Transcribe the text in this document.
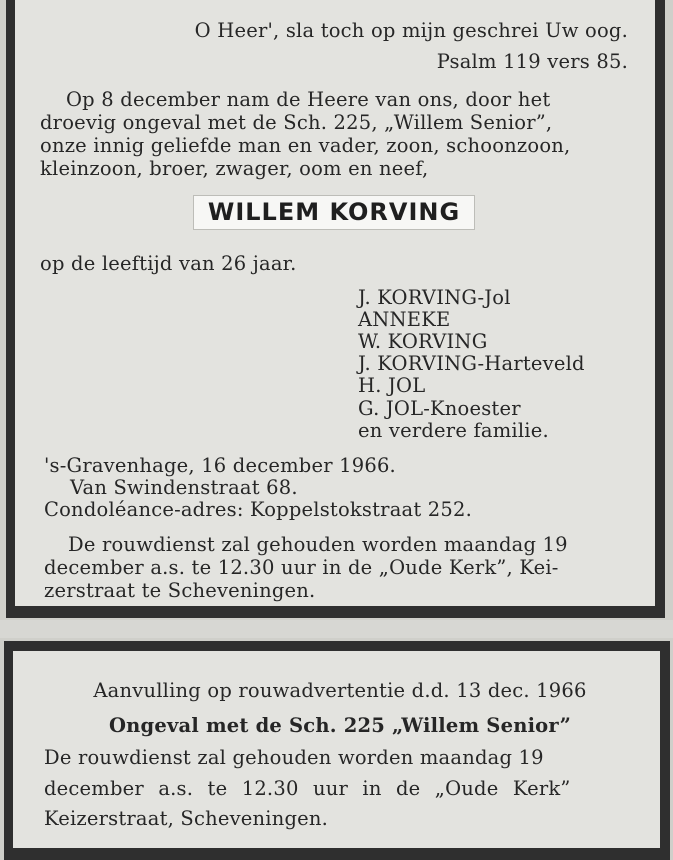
O Heer', sla toch op mijn geschrei Uw oog.
Psalm 119 vers 85.
Op 8 december nam de Heere van ons, door het
droevig ongeval met de Sch. 225, „Willem Senior”,
onze innig geliefde man en vader, zoon, schoonzoon,
kleinzoon, broer, zwager, oom en neef,
WILLEM KORVING
op de leeftijd van 26 jaar.
J. KORVING-Jol
ANNEKE
W. KORVING
J. KORVING-Harteveld
H. JOL
G. JOL-Knoester
en verdere familie.
's-Gravenhage, 16 december 1966.
Van Swindenstraat 68.
Condoléance-adres: Koppelstokstraat 252.
De rouwdienst zal gehouden worden maandag 19
december a.s. te 12.30 uur in de „Oude Kerk”, Kei-
zerstraat te Scheveningen.
Aanvulling op rouwadvertentie d.d. 13 dec. 1966
Ongeval met de Sch. 225 „Willem Senior”
De rouwdienst zal gehouden worden maandag 19
december a.s. te 12.30 uur in de „Oude Kerk”
Keizerstraat, Scheveningen.
